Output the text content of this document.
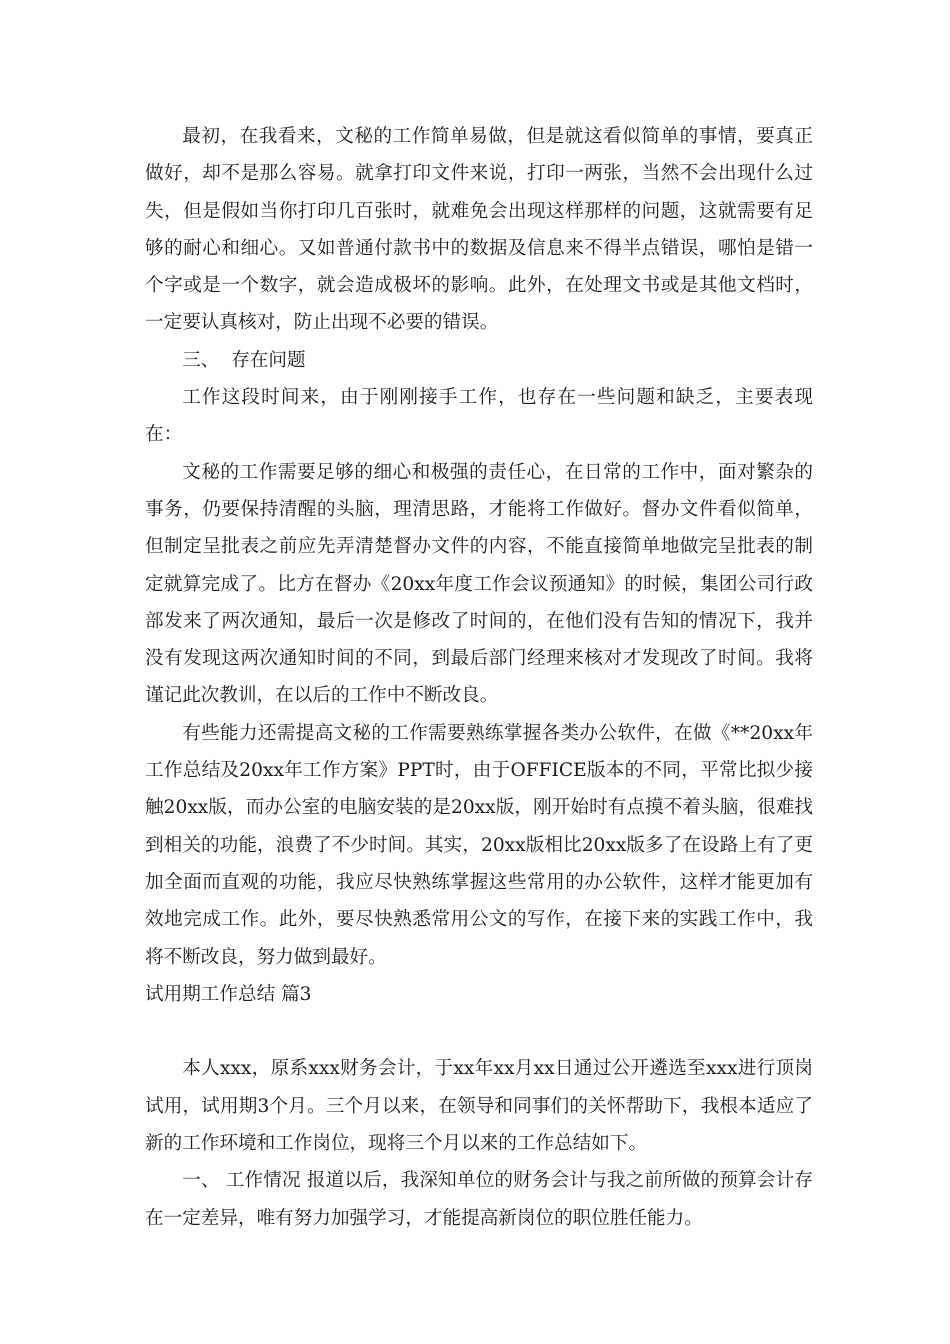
最初，在我看来，文秘的工作简单易做，但是就这看似简单的事情，要真正做好，却不是那么容易。就拿打印文件来说，打印一两张，当然不会出现什么过失，但是假如当你打印几百张时，就难免会出现这样那样的问题，这就需要有足够的耐心和细心。又如普通付款书中的数据及信息来不得半点错误，哪怕是错一个字或是一个数字，就会造成极坏的影响。此外，在处理文书或是其他文档时，一定要认真核对，防止出现不必要的错误。

三、  存在问题

工作这段时间来，由于刚刚接手工作，也存在一些问题和缺乏，主要表现在：

文秘的工作需要足够的细心和极强的责任心，在日常的工作中，面对繁杂的事务，仍要保持清醒的头脑，理清思路，才能将工作做好。督办文件看似简单，但制定呈批表之前应先弄清楚督办文件的内容，不能直接简单地做完呈批表的制定就算完成了。比方在督办《20xx年度工作会议预通知》的时候，集团公司行政部发来了两次通知，最后一次是修改了时间的，在他们没有告知的情况下，我并没有发现这两次通知时间的不同，到最后部门经理来核对才发现改了时间。我将谨记此次教训，在以后的工作中不断改良。

有些能力还需提高文秘的工作需要熟练掌握各类办公软件，在做《**20xx年工作总结及20xx年工作方案》PPT时，由于OFFICE版本的不同，平常比拟少接触20xx版，而办公室的电脑安装的是20xx版，刚开始时有点摸不着头脑，很难找到相关的功能，浪费了不少时间。其实，20xx版相比20xx版多了在设路上有了更加全面而直观的功能，我应尽快熟练掌握这些常用的办公软件，这样才能更加有效地完成工作。此外，要尽快熟悉常用公文的写作，在接下来的实践工作中，我将不断改良，努力做到最好。

试用期工作总结 篇3

本人xxx，原系xxx财务会计，于xx年xx月xx日通过公开遴选至xxx进行顶岗试用，试用期3个月。三个月以来，在领导和同事们的关怀帮助下，我根本适应了新的工作环境和工作岗位，现将三个月以来的工作总结如下。

一、 工作情况 报道以后，我深知单位的财务会计与我之前所做的预算会计存在一定差异，唯有努力加强学习，才能提高新岗位的职位胜任能力。
